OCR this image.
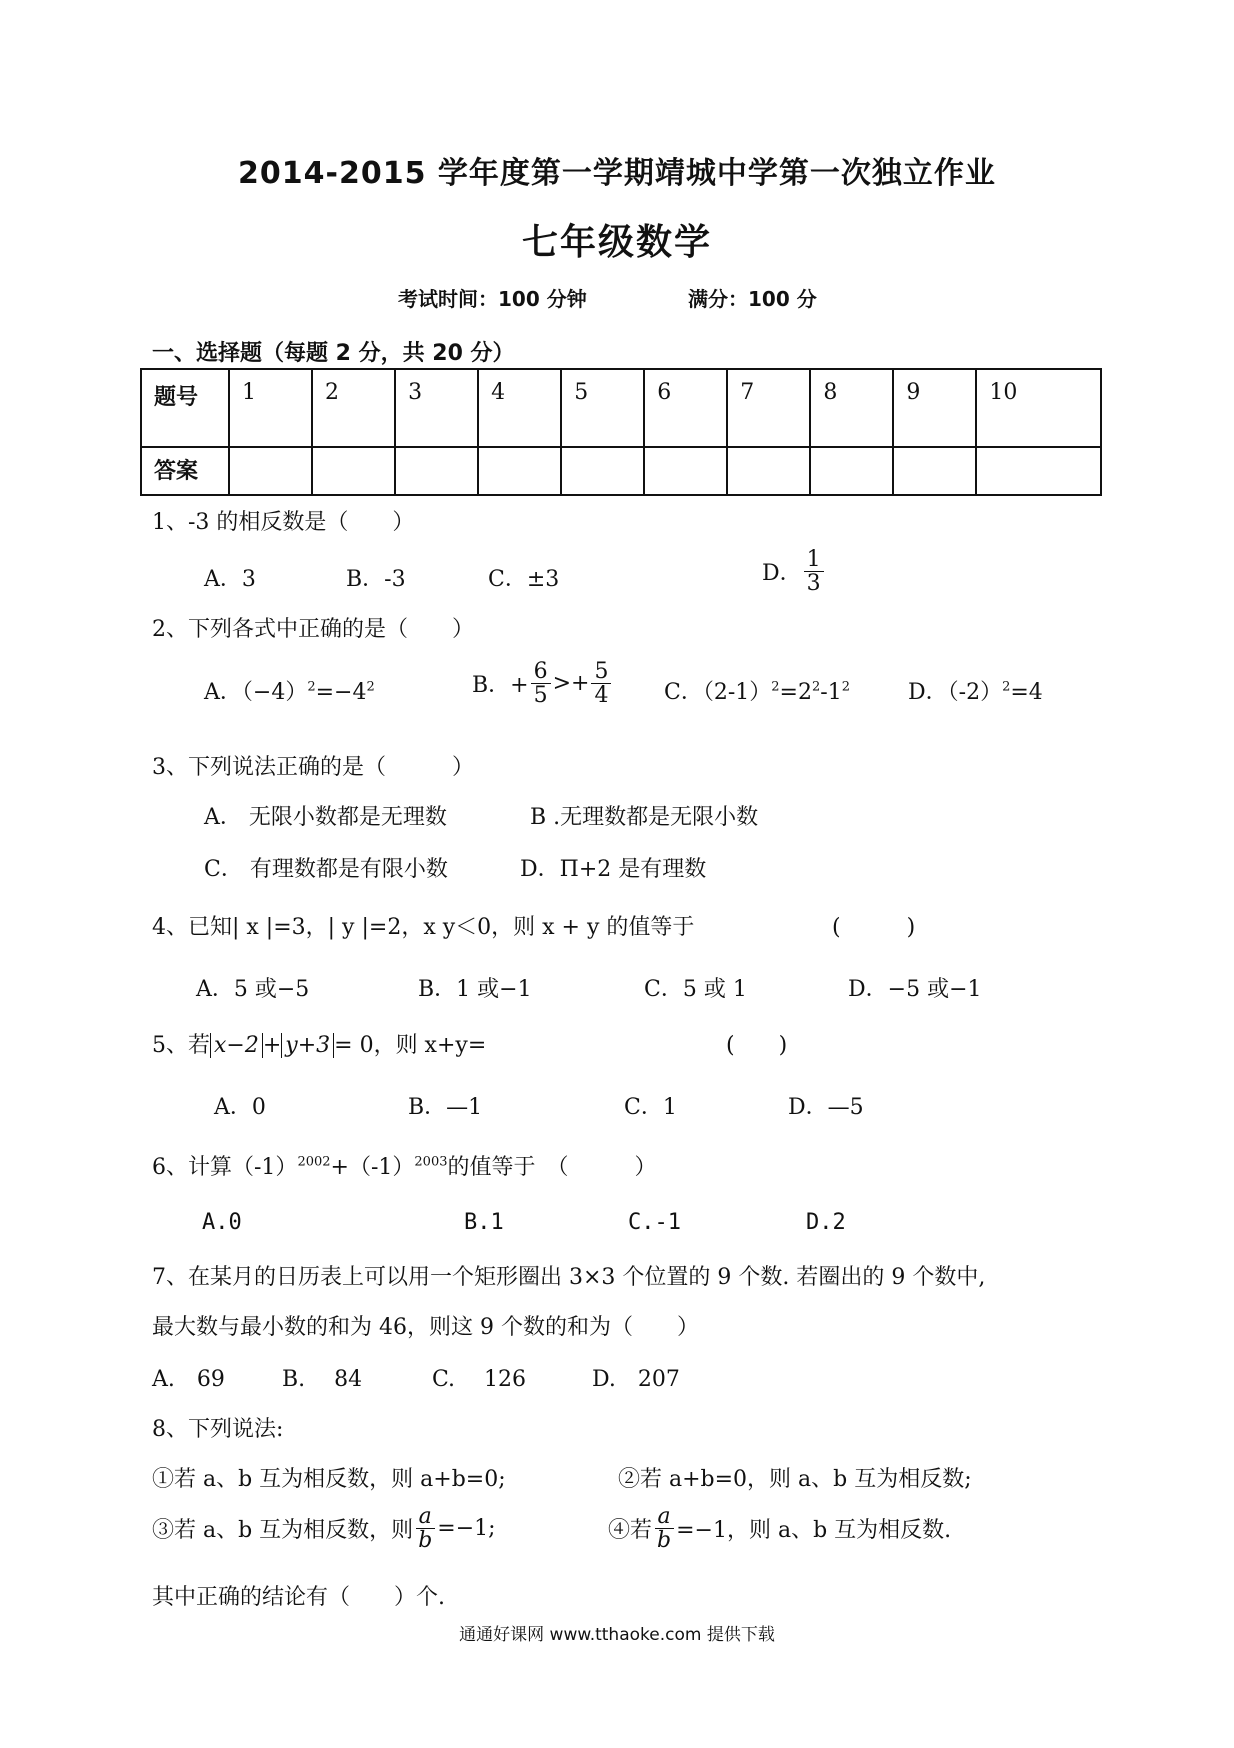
2014-2015 学年度第一学期靖城中学第一次独立作业
七年级数学
考试时间：100 分钟	满分：100 分
一、选择题（每题 2 分，共 20 分）
题号	1	2	3	4	5	6	7	8	9	10
答案										
1、-3 的相反数是（　　）
A．3	B．-3	C．±3	D． $\frac{1}{3}$
2、下列各式中正确的是（　　）
A．$(-4)^2=-4^2$	B．+ $\frac{6}{5} >+ \frac{5}{4}$ C．$(2-1)^2=2^2-1^2$	D．$(-2)^2=4$
3、下列说法正确的是（　　　）
A． 无限小数都是无理数	B .无理数都是无限小数
C． 有理数都是有限小数	D．Π+2 是有理数
4、已知| x |=3，| y |=2，x y＜0，则 x + y 的值等于	(　　　)
A．5 或−5	B．1 或−1	C．5 或 1	D．−5 或−1
5、若 x−2 + y+3 = 0，则 x+y=	(　　)
A．0	B．—1	C．1	D．—5
6、计算$(-1)^{2002}+(-1)^{2003}$的值等于　（　　　）
A.0	B.1	C.-1	D.2
7、在某月的日历表上可以用一个矩形圈出 3×3 个位置的 9 个数. 若圈出的 9 个数中,
最大数与最小数的和为 46，则这 9 个数的和为（　　）
A.　69	B.　 84	C.　 126	D.　207
8、下列说法:
①若 a、b 互为相反数，则 a+b=0;	②若 a+b=0，则 a、b 互为相反数;
③若 a、b 互为相反数，则 $\frac{a}{b} =-1$;	④若 $\frac{a}{b} =-1$，则 a、b 互为相反数.
其中正确的结论有（　　）个.
通通好课网 www.tthaoke.com 提供下载
